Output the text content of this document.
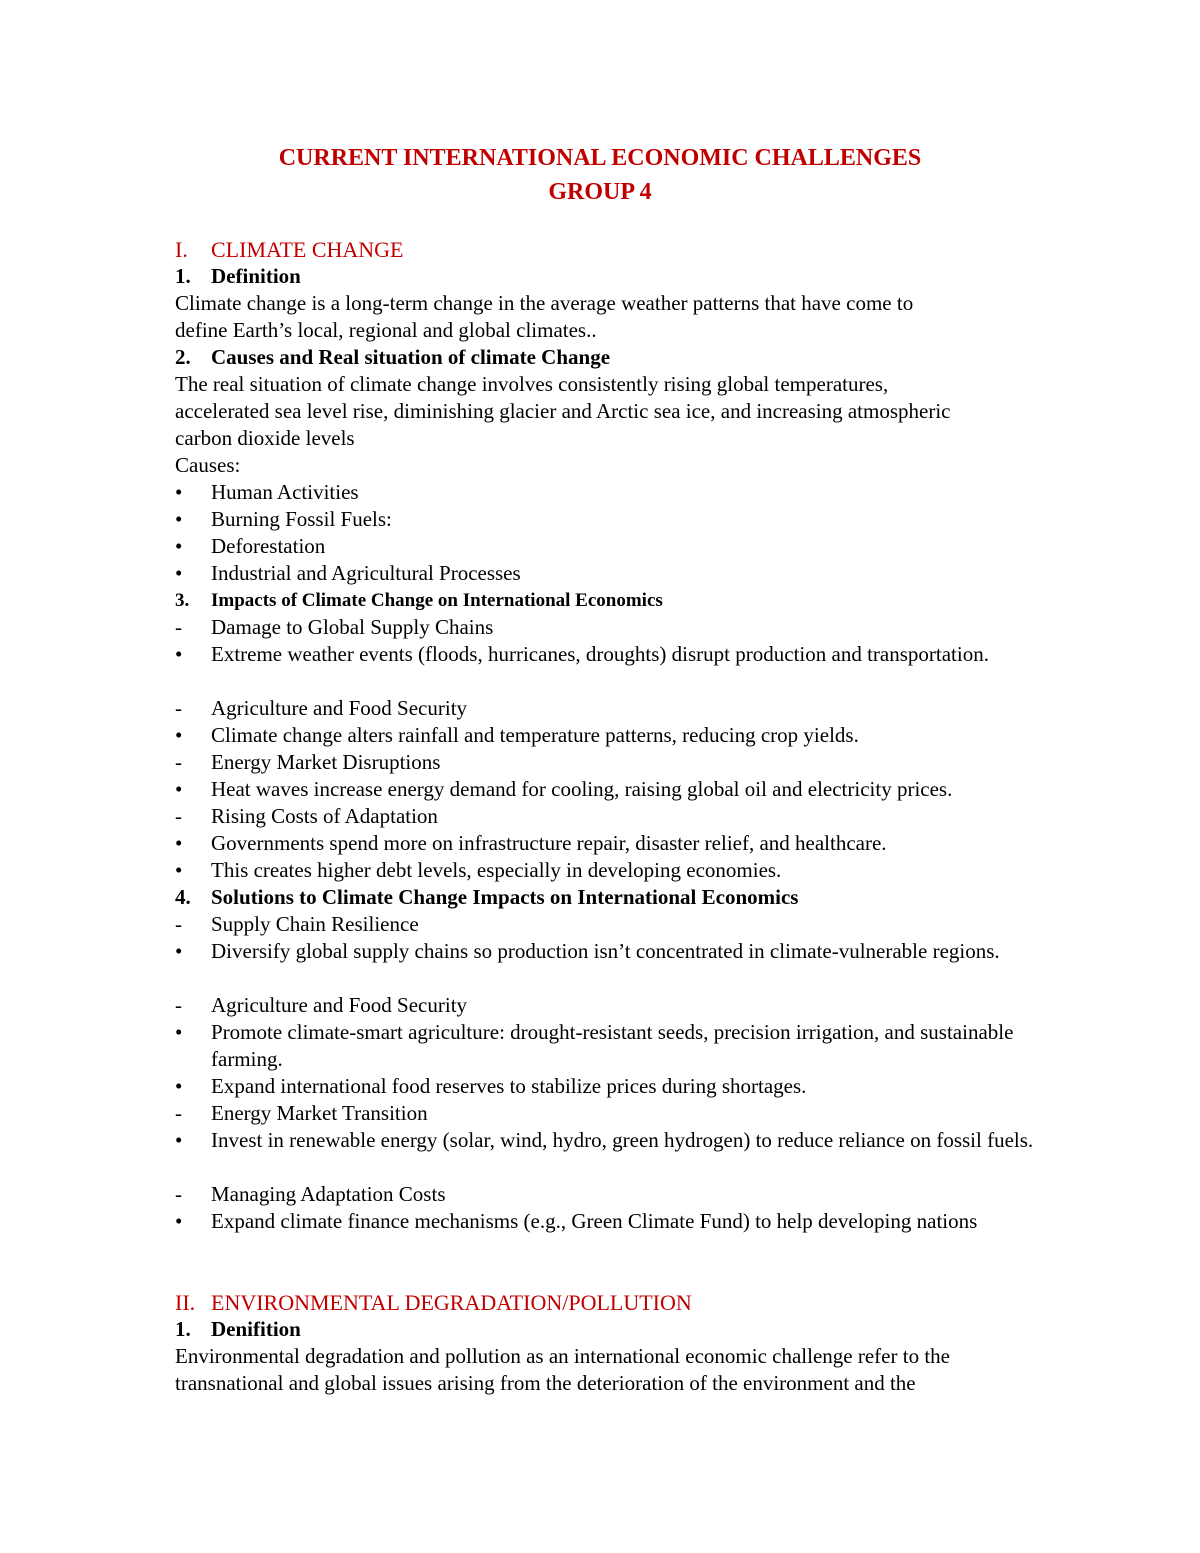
CURRENT INTERNATIONAL ECONOMIC CHALLENGES
GROUP 4
I. CLIMATE CHANGE
1. Definition
Climate change is a long-term change in the average weather patterns that have come to
define Earth’s local, regional and global climates..
2. Causes and Real situation of climate Change
The real situation of climate change involves consistently rising global temperatures,
accelerated sea level rise, diminishing glacier and Arctic sea ice, and increasing atmospheric
carbon dioxide levels
Causes:
• Human Activities
• Burning Fossil Fuels:
• Deforestation
• Industrial and Agricultural Processes
3. Impacts of Climate Change on International Economics
- Damage to Global Supply Chains
• Extreme weather events (floods, hurricanes, droughts) disrupt production and transportation.
- Agriculture and Food Security
• Climate change alters rainfall and temperature patterns, reducing crop yields.
- Energy Market Disruptions
• Heat waves increase energy demand for cooling, raising global oil and electricity prices.
- Rising Costs of Adaptation
• Governments spend more on infrastructure repair, disaster relief, and healthcare.
• This creates higher debt levels, especially in developing economies.
4. Solutions to Climate Change Impacts on International Economics
- Supply Chain Resilience
• Diversify global supply chains so production isn’t concentrated in climate-vulnerable regions.
- Agriculture and Food Security
• Promote climate-smart agriculture: drought-resistant seeds, precision irrigation, and sustainable farming.
• Expand international food reserves to stabilize prices during shortages.
- Energy Market Transition
• Invest in renewable energy (solar, wind, hydro, green hydrogen) to reduce reliance on fossil fuels.
- Managing Adaptation Costs
• Expand climate finance mechanisms (e.g., Green Climate Fund) to help developing nations
II. ENVIRONMENTAL DEGRADATION/POLLUTION
1. Denifition
Environmental degradation and pollution as an international economic challenge refer to the
transnational and global issues arising from the deterioration of the environment and the
